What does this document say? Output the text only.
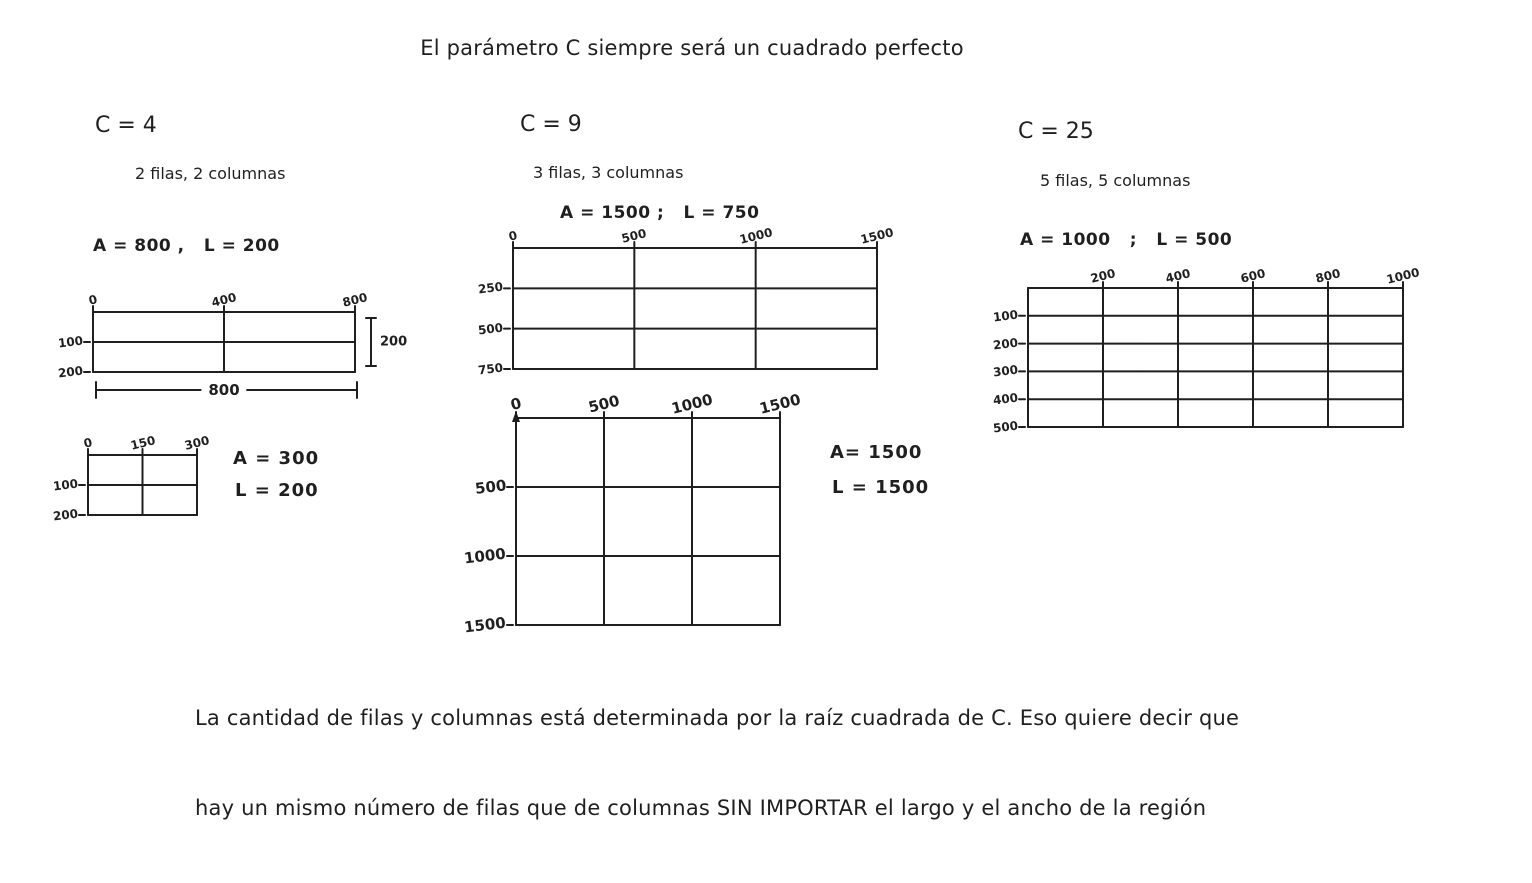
El parámetro C siempre será un cuadrado perfecto
C = 4
2 filas, 2 columnas
A = 800 ,   L = 200
0	400	800
100
200
200
800
0	150 300
100
200
A = 300
L = 200
C = 9
3 filas, 3 columnas
A = 1500 ;   L = 750
0	500	1000	1500
250
500
750
0	500	1000	1500
500
1000
1500
A= 1500
L = 1500
C = 25
5 filas, 5 columnas
A = 1000   ;   L = 500
200	400	600	800	1000
100
200
300
400
500

La cantidad de filas y columnas está determinada por la raíz cuadrada de C. Eso quiere decir que

hay un mismo número de filas que de columnas SIN IMPORTAR el largo y el ancho de la región
